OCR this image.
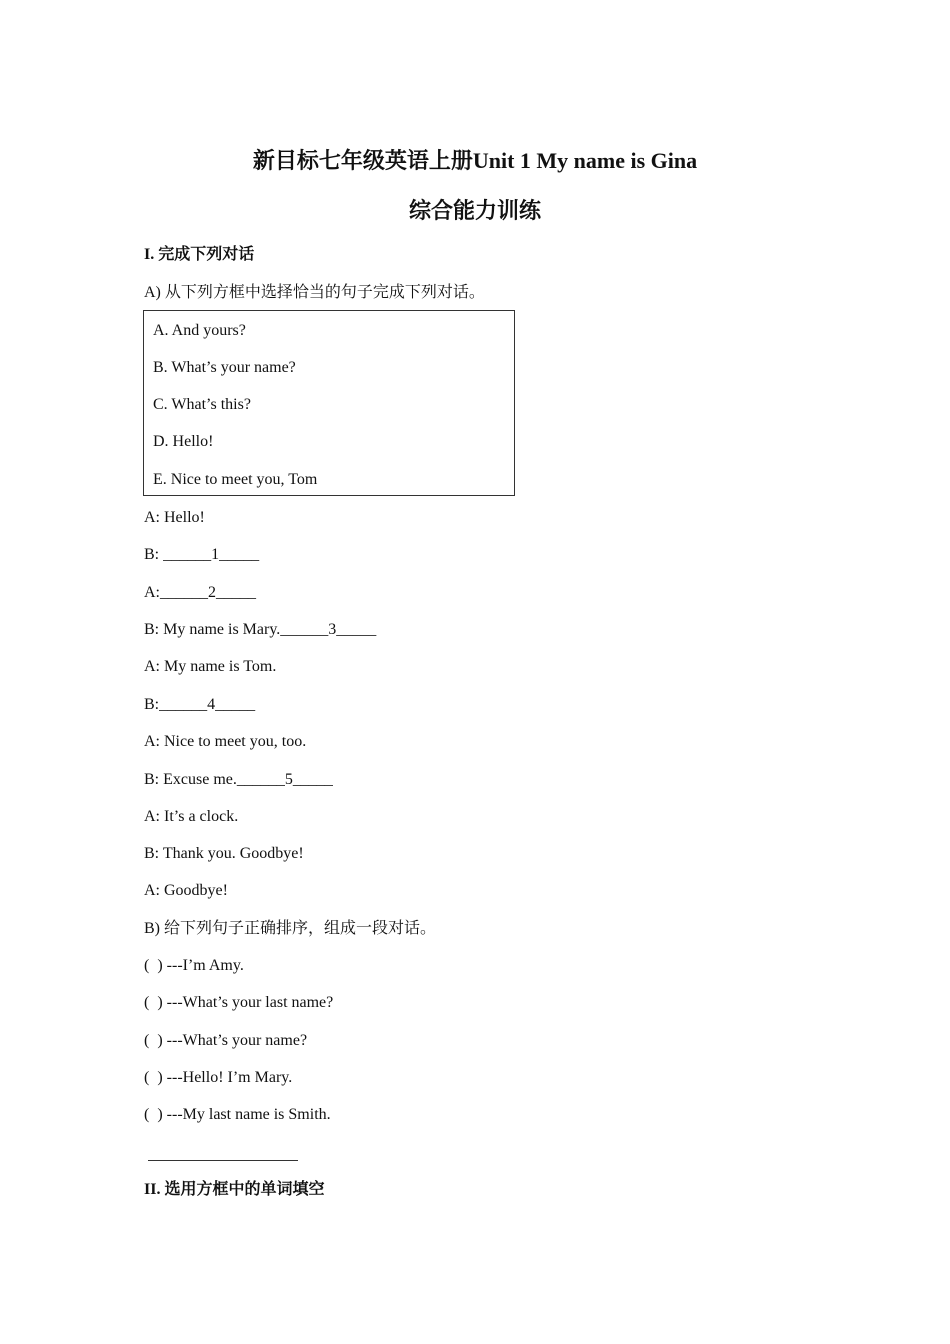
新目标七年级英语上册Unit 1 My name is Gina
综合能力训练
I. 完成下列对话
A) 从下列方框中选择恰当的句子完成下列对话。
A. And yours?
B. What’s your name?
C. What’s this?
D. Hello!
E. Nice to meet you, Tom
A: Hello!
B: ______1_____
A:______2_____
B: My name is Mary.______3_____
A: My name is Tom.
B:______4_____
A: Nice to meet you, too.
B: Excuse me.______5_____
A: It’s a clock.
B: Thank you. Goodbye!
A: Goodbye!
B) 给下列句子正确排序，组成一段对话。
(  ) ---I’m Amy.
(  ) ---What’s your last name?
(  ) ---What’s your name?
(  ) ---Hello! I’m Mary.
(  ) ---My last name is Smith.
II. 选用方框中的单词填空
